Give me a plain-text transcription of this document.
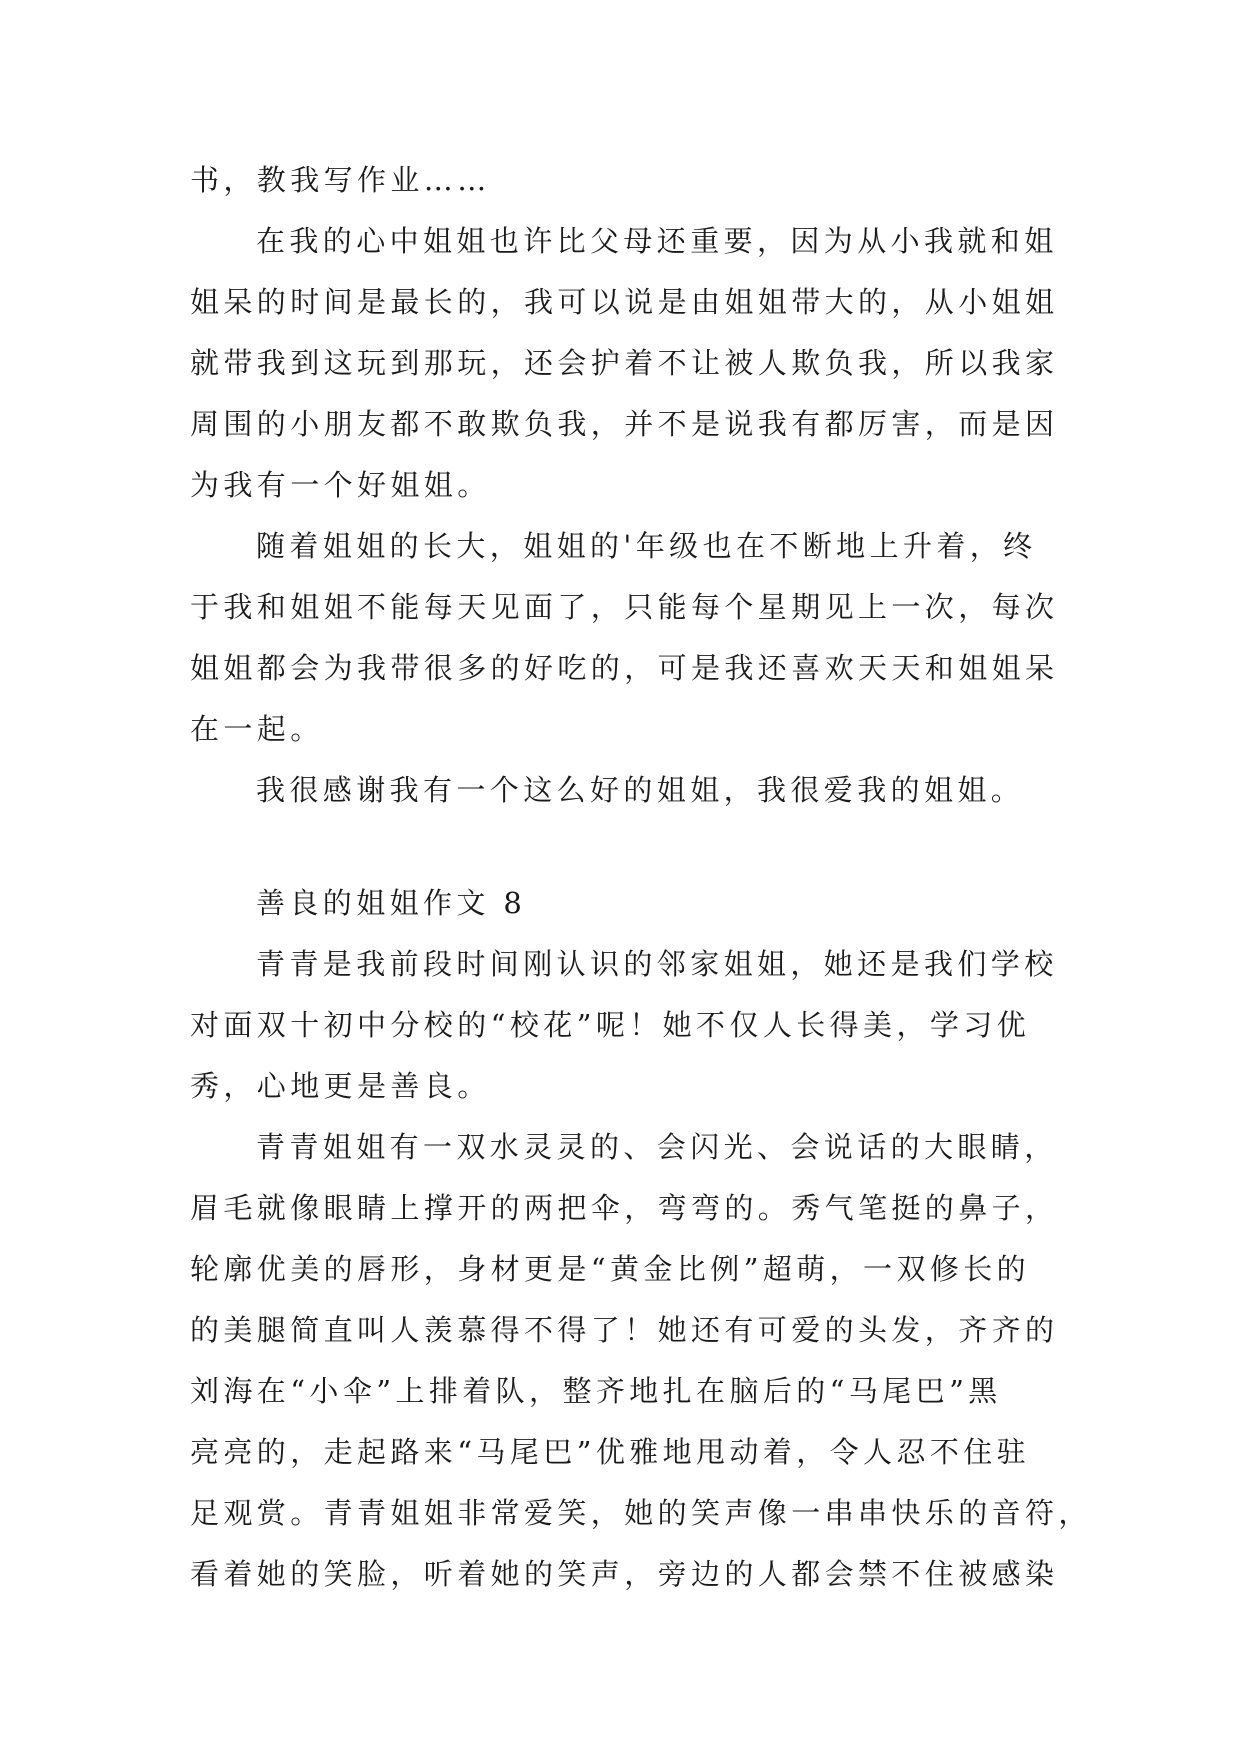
书，教我写作业……
在我的心中姐姐也许比父母还重要，因为从小我就和姐
姐呆的时间是最长的，我可以说是由姐姐带大的，从小姐姐
就带我到这玩到那玩，还会护着不让被人欺负我，所以我家
周围的小朋友都不敢欺负我，并不是说我有都厉害，而是因
为我有一个好姐姐。
随着姐姐的长大，姐姐的'年级也在不断地上升着，终
于我和姐姐不能每天见面了，只能每个星期见上一次，每次
姐姐都会为我带很多的好吃的，可是我还喜欢天天和姐姐呆
在一起。
我很感谢我有一个这么好的姐姐，我很爱我的姐姐。
善良的姐姐作文 8
青青是我前段时间刚认识的邻家姐姐，她还是我们学校
对面双十初中分校的“校花”呢！她不仅人长得美，学习优
秀，心地更是善良。
青青姐姐有一双水灵灵的、会闪光、会说话的大眼睛，
眉毛就像眼睛上撑开的两把伞，弯弯的。秀气笔挺的鼻子，
轮廓优美的唇形，身材更是“黄金比例”超萌，一双修长的
的美腿简直叫人羡慕得不得了！她还有可爱的头发，齐齐的
刘海在“小伞”上排着队，整齐地扎在脑后的“马尾巴”黑
亮亮的，走起路来“马尾巴”优雅地甩动着，令人忍不住驻
足观赏。青青姐姐非常爱笑，她的笑声像一串串快乐的音符，
看着她的笑脸，听着她的笑声，旁边的人都会禁不住被感染
